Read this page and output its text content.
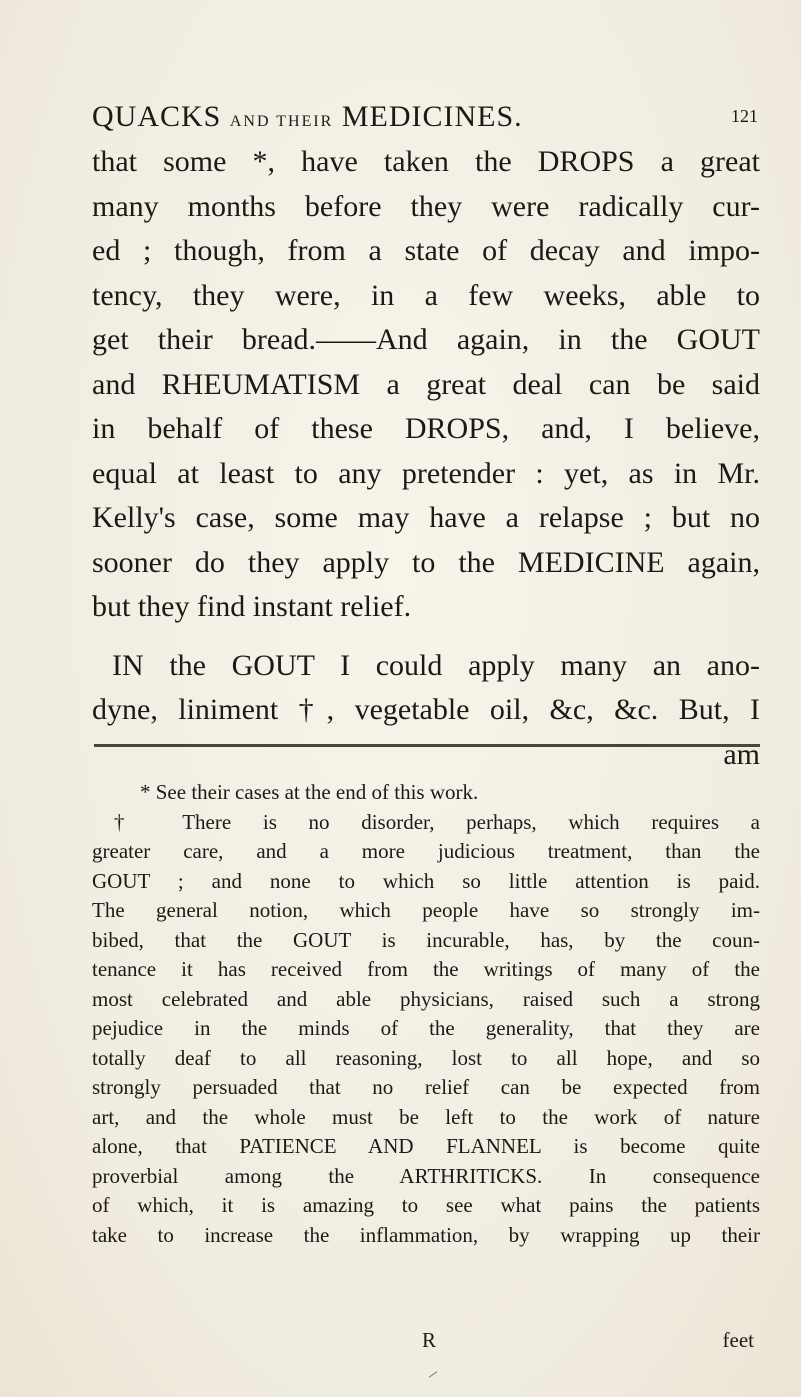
QUACKS AND THEIR MEDICINES.	121
that some *, have taken the DROPS a great
many months before they were radically cur-
ed ; though, from a state of decay and impo-
tency, they were, in a few weeks, able to
get their bread.——And again, in the GOUT
and RHEUMATISM a great deal can be said
in behalf of these DROPS, and, I believe,
equal at least to any pretender : yet, as in Mr.
Kelly's case, some may have a relapse ; but no
sooner do they apply to the MEDICINE again,
but they find instant relief.
IN the GOUT I could apply many an ano-
dyne, liniment †, vegetable oil, &c, &c. But, I
am
* See their cases at the end of this work.
† There is no disorder, perhaps, which requires a
greater care, and a more judicious treatment, than the
GOUT ; and none to which so little attention is paid.
The general notion, which people have so strongly im-
bibed, that the GOUT is incurable, has, by the coun-
tenance it has received from the writings of many of the
most celebrated and able physicians, raised such a strong
pejudice in the minds of the generality, that they are
totally deaf to all reasoning, lost to all hope, and so
strongly persuaded that no relief can be expected from
art, and the whole must be left to the work of nature
alone, that PATIENCE AND FLANNEL is become quite
proverbial among the ARTHRITICKS. In consequence
of which, it is amazing to see what pains the patients
take to increase the inflammation, by wrapping up their
R	feet
